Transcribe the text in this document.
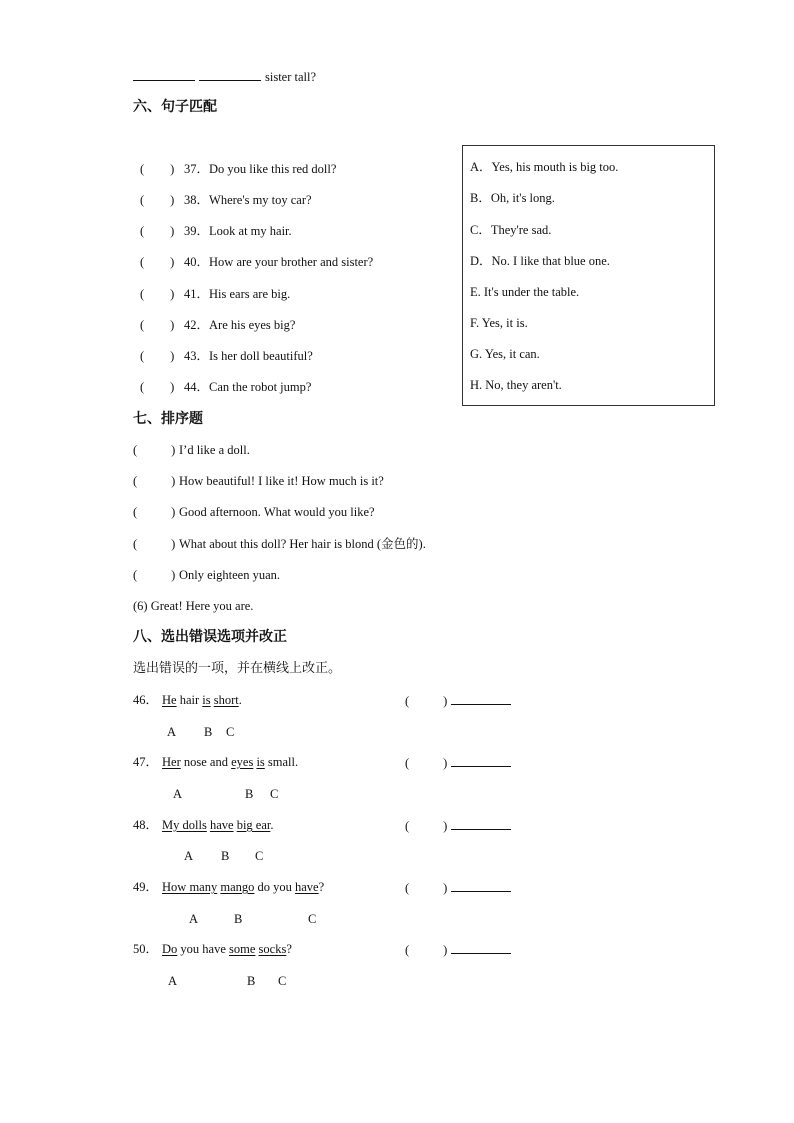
sister tall?
六、句子匹配
( ) 37．Do you like this red doll?
( ) 38．Where's my toy car?
( ) 39．Look at my hair.
( ) 40．How are your brother and sister?
( ) 41．His ears are big.
( ) 42．Are his eyes big?
( ) 43．Is her doll beautiful?
( ) 44．Can the robot jump?
A．Yes, his mouth is big too.
B．Oh, it's long.
C．They're sad.
D．No. I like that blue one.
E. It's under the table.
F. Yes, it is.
G. Yes, it can.
H. No, they aren't.
七、排序题
(	) I’d like a doll.
(	) How beautiful! I like it! How much is it?
(	) Good afternoon. What would you like?
(	) What about this doll? Her hair is blond (金色的).
(	) Only eighteen yuan.
(6) Great! Here you are.
八、选出错误选项并改正
选出错误的一项，并在横线上改正。
46． He hair is short.	(	)
A B C
47． Her nose and eyes is small.	(	)
A	B C
48． My dolls have big ear.	(	)
A B C
49． How many mango do you have?	(	)
A	B	C
50． Do you have some socks?	(	)
A	B C
